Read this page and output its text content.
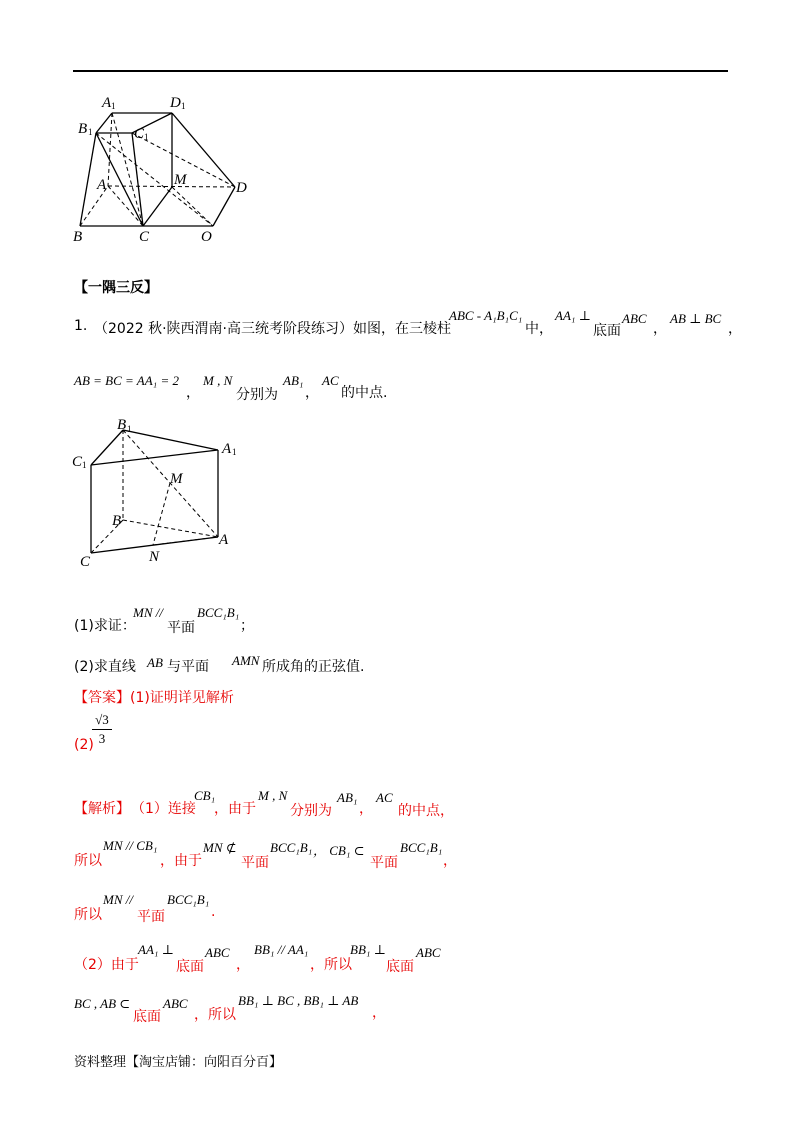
A 1	D 1
B 1	C 1
A	M	D
B	C	O
【一隅三反】
1. （2022 秋·陕西渭南·高三统考阶段练习）如图，在三棱柱
ABC - A₁B₁C₁
中，
AA₁ ⊥
底面
ABC
，
AB ⊥ BC
，
AB = BC = AA₁ = 2
，
M , N
分别为
AB₁
，
AC
的中点.
B 1
A 1
C 1
M
B
A
C	N
(1)求证：
MN //
平面
BCC₁B₁
；
(2)求直线 AB 与平面 AMN 所成角的正弦值.
【答案】(1)证明详见解析
(2)
√3
3
【解析】 （1）连接
CB₁
，由于
M , N
分别为
AB₁
，
AC
的中点，
所以
MN // CB₁
，由于
MN ⊄
平面
BCC₁B₁ ， CB₁ ⊂
平面
BCC₁B₁
，
所以
MN //
平面
BCC₁B₁
.
（2）由于
AA₁ ⊥
底面
ABC
，
BB₁ // AA₁
，所以
BB₁ ⊥
底面
ABC
BC , AB ⊂
底面
ABC
，所以
BB₁ ⊥ BC , BB₁ ⊥ AB
，
资料整理【淘宝店铺：向阳百分百】
